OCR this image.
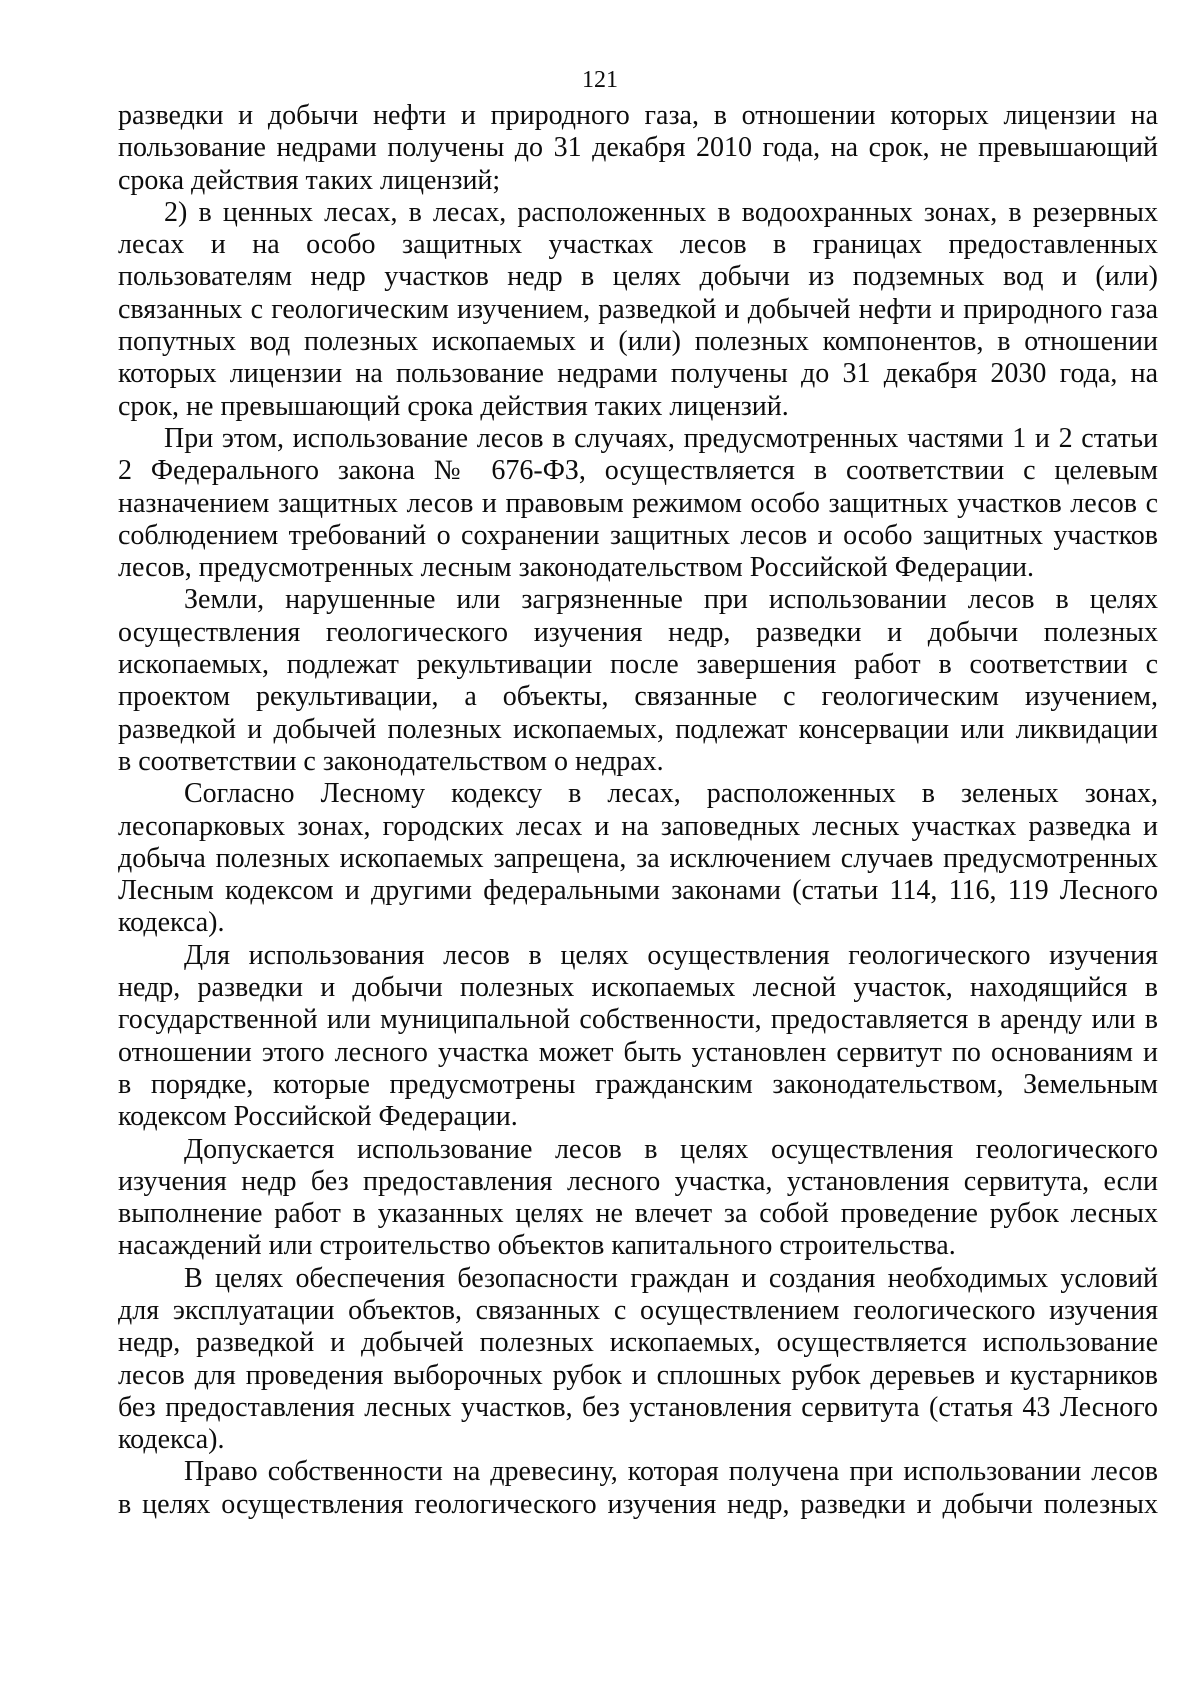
121
разведки и добычи нефти и природного газа, в отношении которых лицензии на
пользование недрами получены до 31 декабря 2010 года, на срок, не превышающий
срока действия таких лицензий;
2) в ценных лесах, в лесах, расположенных в водоохранных зонах, в резервных
лесах и на особо защитных участках лесов в границах предоставленных
пользователям недр участков недр в целях добычи из подземных вод и (или)
связанных с геологическим изучением, разведкой и добычей нефти и природного газа
попутных вод полезных ископаемых и (или) полезных компонентов, в отношении
которых лицензии на пользование недрами получены до 31 декабря 2030 года, на
срок, не превышающий срока действия таких лицензий.
При этом, использование лесов в случаях, предусмотренных частями 1 и 2 статьи
2 Федерального закона № 676-ФЗ, осуществляется в соответствии с целевым
назначением защитных лесов и правовым режимом особо защитных участков лесов с
соблюдением требований о сохранении защитных лесов и особо защитных участков
лесов, предусмотренных лесным законодательством Российской Федерации.
Земли, нарушенные или загрязненные при использовании лесов в целях
осуществления геологического изучения недр, разведки и добычи полезных
ископаемых, подлежат рекультивации после завершения работ в соответствии с
проектом рекультивации, а объекты, связанные с геологическим изучением,
разведкой и добычей полезных ископаемых, подлежат консервации или ликвидации
в соответствии с законодательством о недрах.
Согласно Лесному кодексу в лесах, расположенных в зеленых зонах,
лесопарковых зонах, городских лесах и на заповедных лесных участках разведка и
добыча полезных ископаемых запрещена, за исключением случаев предусмотренных
Лесным кодексом и другими федеральными законами (статьи 114, 116, 119 Лесного
кодекса).
Для использования лесов в целях осуществления геологического изучения
недр, разведки и добычи полезных ископаемых лесной участок, находящийся в
государственной или муниципальной собственности, предоставляется в аренду или в
отношении этого лесного участка может быть установлен сервитут по основаниям и
в порядке, которые предусмотрены гражданским законодательством, Земельным
кодексом Российской Федерации.
Допускается использование лесов в целях осуществления геологического
изучения недр без предоставления лесного участка, установления сервитута, если
выполнение работ в указанных целях не влечет за собой проведение рубок лесных
насаждений или строительство объектов капитального строительства.
В целях обеспечения безопасности граждан и создания необходимых условий
для эксплуатации объектов, связанных с осуществлением геологического изучения
недр, разведкой и добычей полезных ископаемых, осуществляется использование
лесов для проведения выборочных рубок и сплошных рубок деревьев и кустарников
без предоставления лесных участков, без установления сервитута (статья 43 Лесного
кодекса).
Право собственности на древесину, которая получена при использовании лесов
в целях осуществления геологического изучения недр, разведки и добычи полезных
